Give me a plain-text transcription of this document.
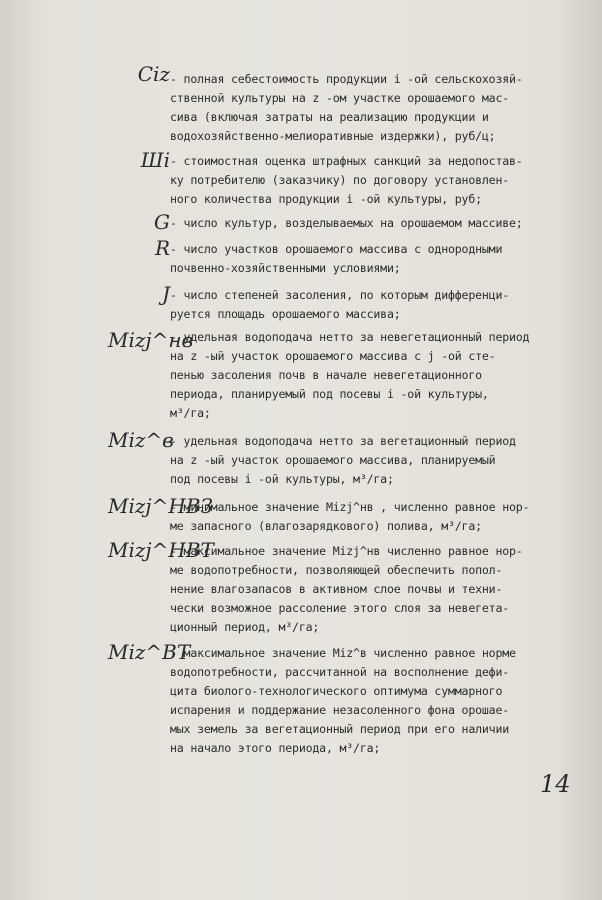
Ciz - полная себестоимость продукции i -ой сельскохозяй-
ственной культуры на z -ом участке орошаемого мас-
сива (включая затраты на реализацию продукции и
водохозяйственно-мелиоративные издержки), руб/ц;
Шi - стоимостная оценка штрафных санкций за недопостав-
ку потребителю (заказчику) по договору установлен-
ного количества продукции i -ой культуры, руб;
G - число культур, возделываемых на орошаемом массиве;
R - число участков орошаемого массива с однородными
почвенно-хозяйственными условиями;
J - число степеней засоления, по которым дифференци-
руется площадь орошаемого массива;
Mizj^нв
- удельная водоподача нетто за невегетационный период
на z -ый участок орошаемого массива с j -ой сте-
пенью засоления почв в начале невегетационного
периода, планируемый под посевы i -ой культуры,
м³/га;
Miz^в
- удельная водоподача нетто за вегетационный период
на z -ый участок орошаемого массива, планируемый
под посевы i -ой культуры, м³/га;
Mizj^НВЗ
- минимальное значение Mizj^нв , численно равное нор-
ме запасного (влагозарядкового) полива, м³/га;
Mizj^НВТ
- максимальное значение Mizj^нв численно равное нор-
ме водопотребности, позволяющей обеспечить попол-
нение влагозапасов в активном слое почвы и техни-
чески возможное рассоление этого слоя за невегета-
ционный период, м³/га;
Miz^ВТ
- максимальное значение Miz^в численно равное норме
водопотребности, рассчитанной на восполнение дефи-
цита биолого-технологического оптимума суммарного
испарения и поддержание незасоленного фона орошае-
мых земель за вегетационный период при его наличии
на начало этого периода, м³/га;
14
